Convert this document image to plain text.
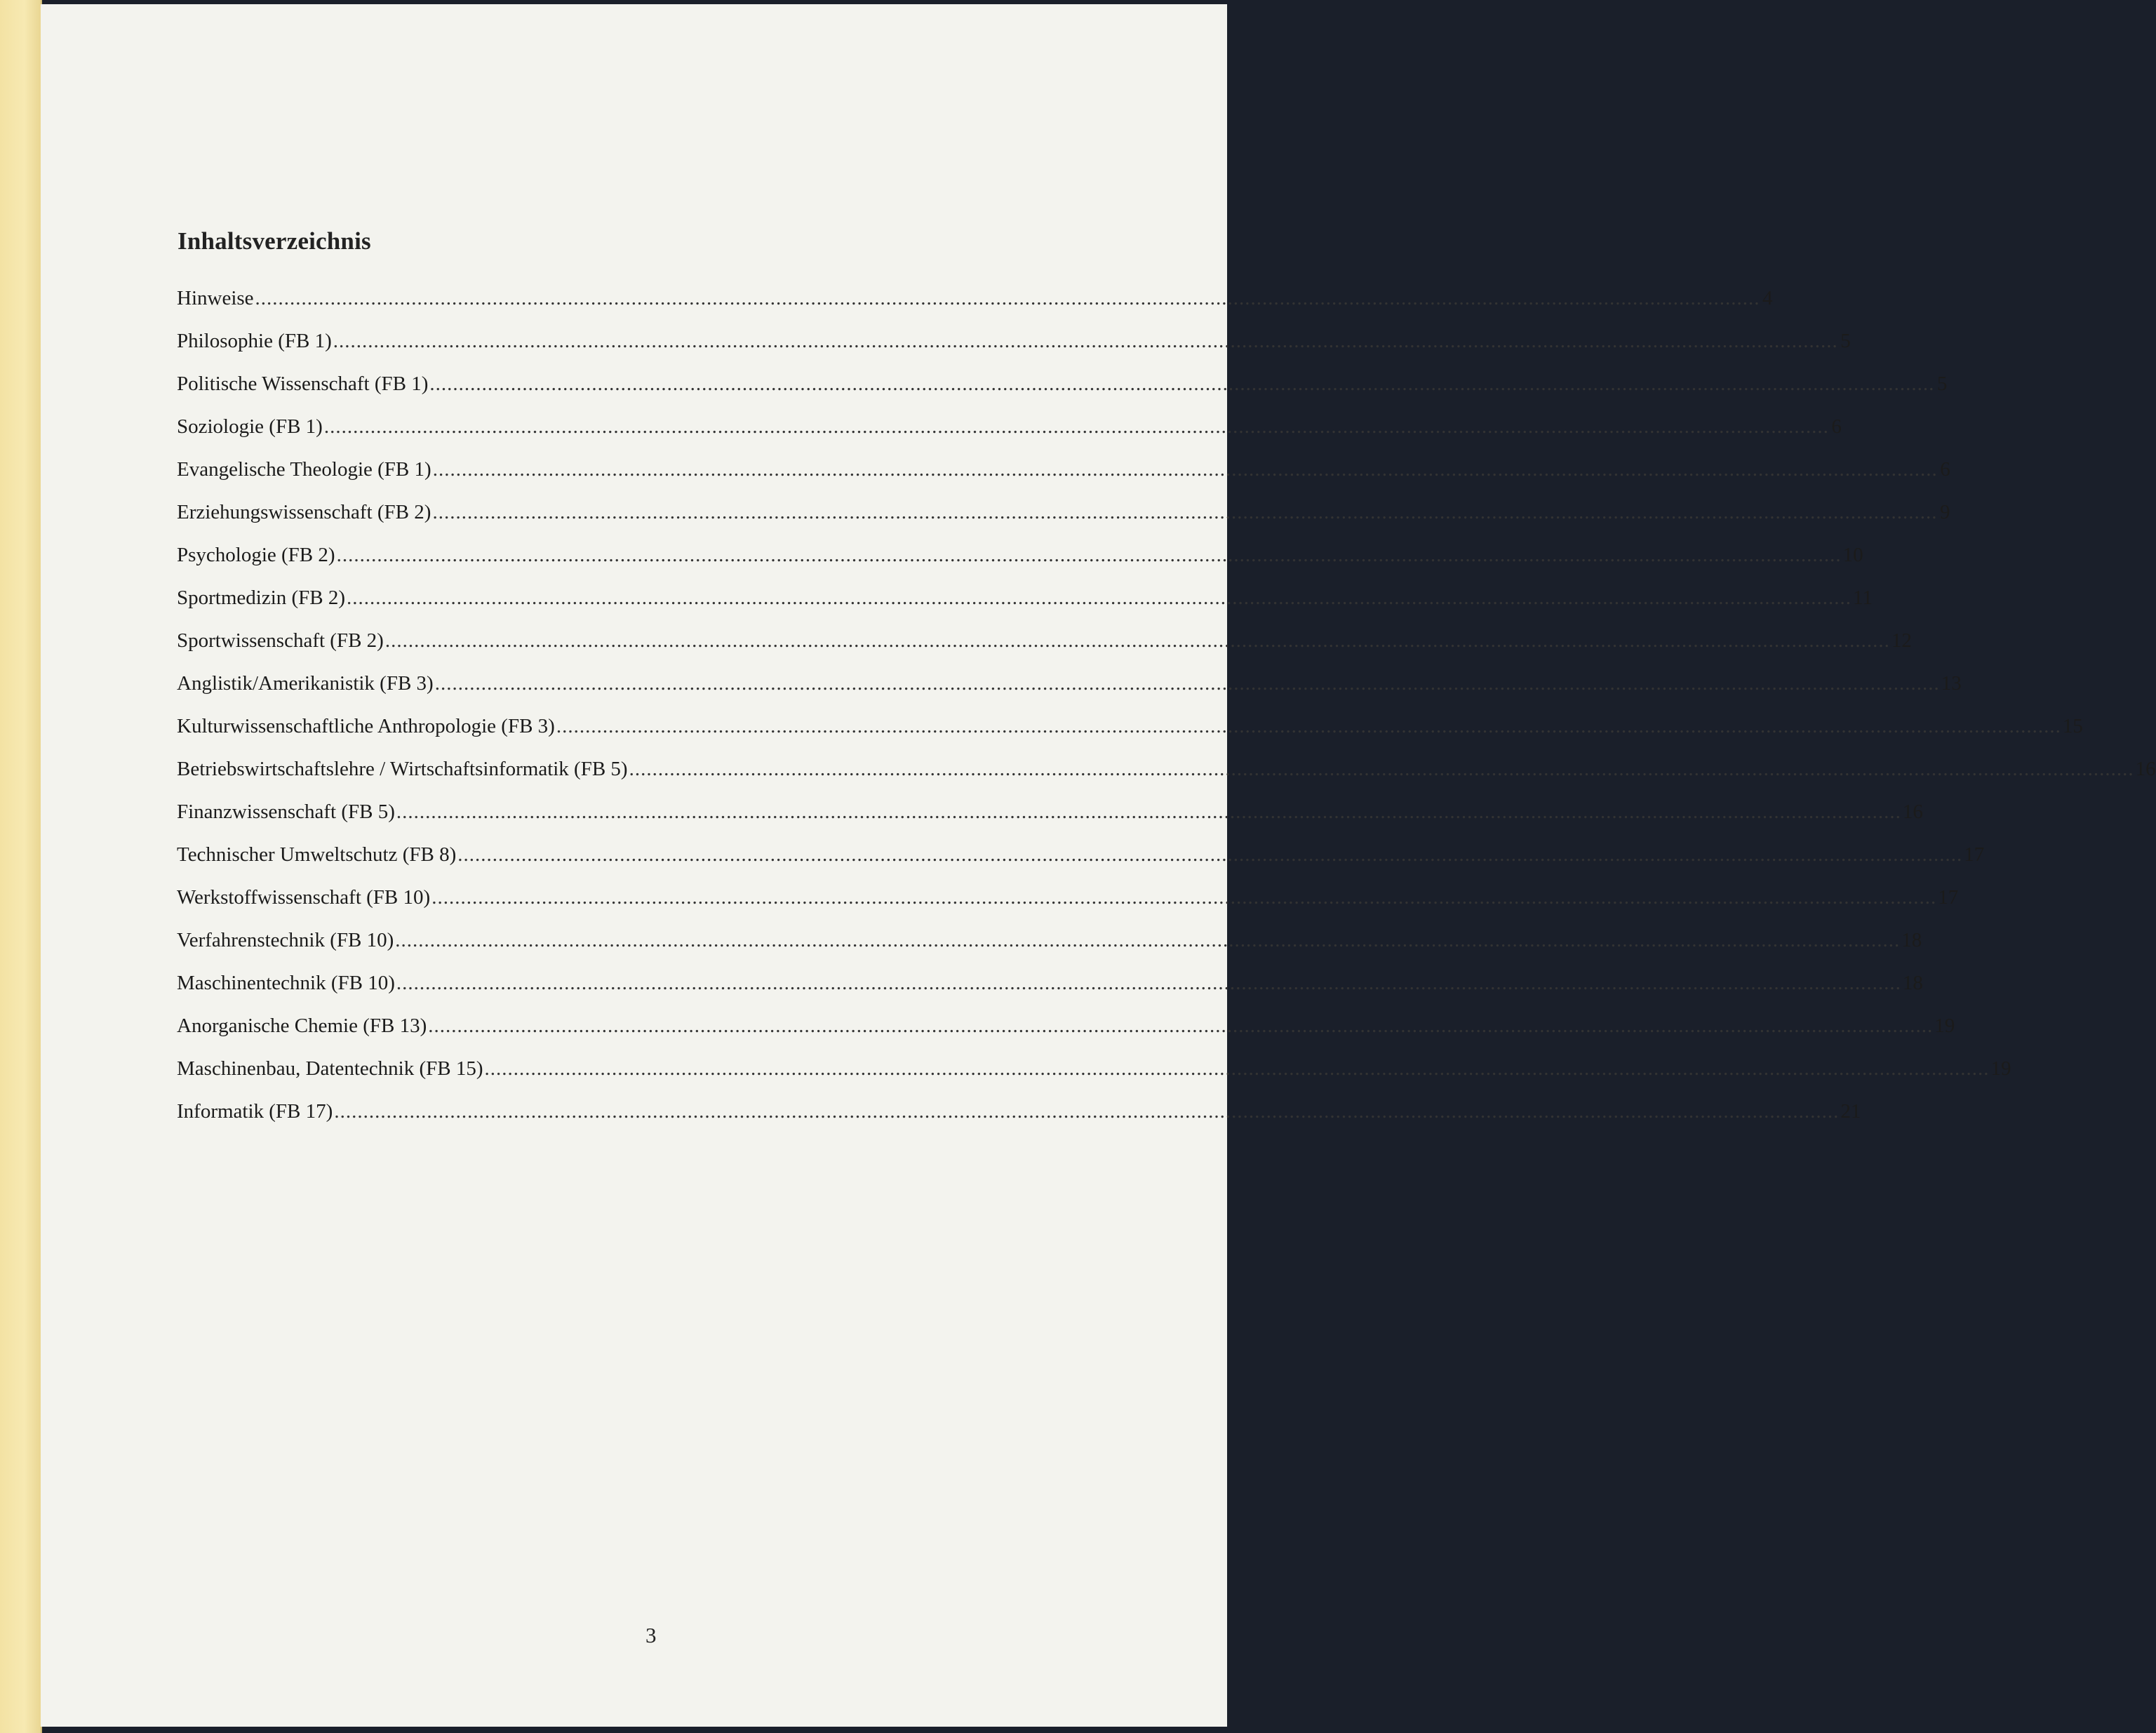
Inhaltsverzeichnis
Hinweise .................................................................................................................................................................................................................................................................... 4
Philosophie (FB 1) .................................................................................................................................................................................................................................................................... 5
Politische Wissenschaft (FB 1) .................................................................................................................................................................................................................................................................... 5
Soziologie (FB 1) .................................................................................................................................................................................................................................................................... 6
Evangelische Theologie (FB 1) .................................................................................................................................................................................................................................................................... 6
Erziehungswissenschaft (FB 2) .................................................................................................................................................................................................................................................................... 9
Psychologie (FB 2) .................................................................................................................................................................................................................................................................... 10
Sportmedizin (FB 2) .................................................................................................................................................................................................................................................................... 11
Sportwissenschaft (FB 2) .................................................................................................................................................................................................................................................................... 12
Anglistik/Amerikanistik (FB 3) .................................................................................................................................................................................................................................................................... 13
Kulturwissenschaftliche Anthropologie (FB 3) .................................................................................................................................................................................................................................................................... 15
Betriebswirtschaftslehre / Wirtschaftsinformatik (FB 5) .................................................................................................................................................................................................................................................................... 16
Finanzwissenschaft (FB 5) .................................................................................................................................................................................................................................................................... 16
Technischer Umweltschutz (FB 8) .................................................................................................................................................................................................................................................................... 17
Werkstoffwissenschaft (FB 10) .................................................................................................................................................................................................................................................................... 17
Verfahrenstechnik (FB 10) .................................................................................................................................................................................................................................................................... 18
Maschinentechnik (FB 10) .................................................................................................................................................................................................................................................................... 18
Anorganische Chemie (FB 13) .................................................................................................................................................................................................................................................................... 19
Maschinenbau, Datentechnik (FB 15) .................................................................................................................................................................................................................................................................... 19
Informatik (FB 17) .................................................................................................................................................................................................................................................................... 21
3
